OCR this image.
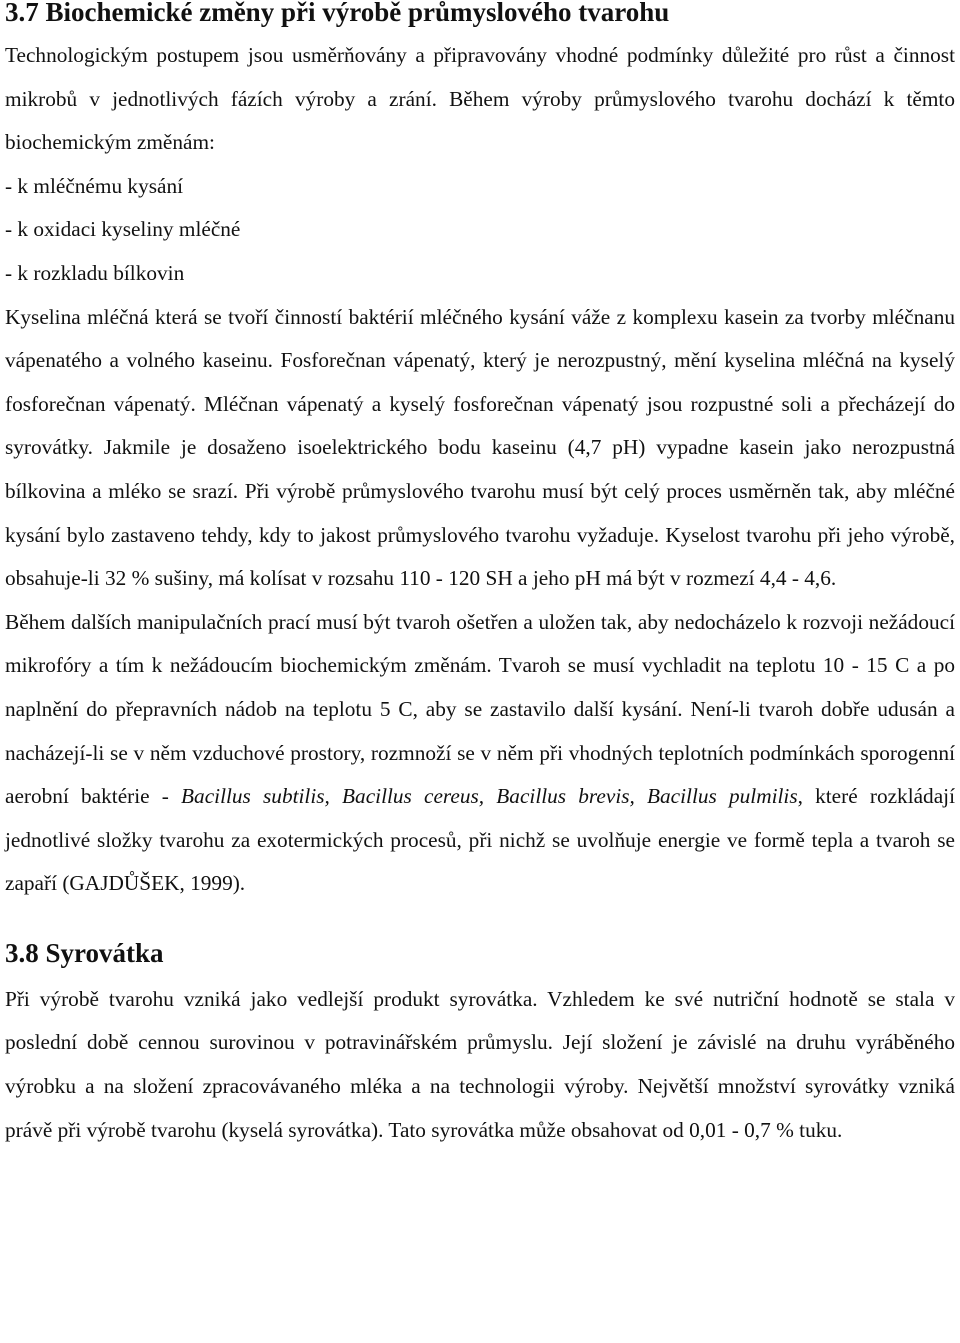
3.7 Biochemické změny při výrobě průmyslového tvarohu

Technologickým postupem jsou usměrňovány a připravovány vhodné podmínky důležité pro růst a činnost mikrobů v jednotlivých fázích výroby a zrání. Během výroby průmyslového tvarohu dochází k těmto biochemickým změnám:

- k mléčnému kysání

- k oxidaci kyseliny mléčné

- k rozkladu bílkovin

Kyselina mléčná která se tvoří činností baktérií mléčného kysání váže z komplexu kasein za tvorby mléčnanu vápenatého a volného kaseinu. Fosforečnan vápenatý, který je nerozpustný, mění kyselina mléčná na kyselý fosforečnan vápenatý. Mléčnan vápenatý a kyselý fosforečnan vápenatý jsou rozpustné soli a přecházejí do syrovátky. Jakmile je dosaženo isoelektrického bodu kaseinu (4,7 pH) vypadne kasein jako nerozpustná bílkovina a mléko se srazí. Při výrobě průmyslového tvarohu musí být celý proces usměrněn tak, aby mléčné kysání bylo zastaveno tehdy, kdy to jakost průmyslového tvarohu vyžaduje. Kyselost tvarohu při jeho výrobě, obsahuje-li 32 % sušiny, má kolísat v rozsahu 110 - 120 SH a jeho pH má být v rozmezí 4,4 - 4,6.

Během dalších manipulačních prací musí být tvaroh ošetřen a uložen tak, aby nedocházelo k rozvoji nežádoucí mikrofóry a tím k nežádoucím biochemickým změnám. Tvaroh se musí vychladit na teplotu 10 - 15 C a po naplnění do přepravních nádob na teplotu 5 C, aby se zastavilo další kysání. Není-li tvaroh dobře udusán a nacházejí-li se v něm vzduchové prostory, rozmnoží se v něm při vhodných teplotních podmínkách sporogenní aerobní baktérie - Bacillus subtilis, Bacillus cereus, Bacillus brevis, Bacillus pulmilis, které rozkládají jednotlivé složky tvarohu za exotermických procesů, při nichž se uvolňuje energie ve formě tepla a tvaroh se zapaří (GAJDŮŠEK, 1999).

3.8 Syrovátka

Při výrobě tvarohu vzniká jako vedlejší produkt syrovátka. Vzhledem ke své nutriční hodnotě se stala v poslední době cennou surovinou v potravinářském průmyslu. Její složení je závislé na druhu vyráběného výrobku a na složení zpracovávaného mléka a na technologii výroby. Největší množství syrovátky vzniká právě při výrobě tvarohu (kyselá syrovátka). Tato syrovátka může obsahovat od 0,01 - 0,7 % tuku.
